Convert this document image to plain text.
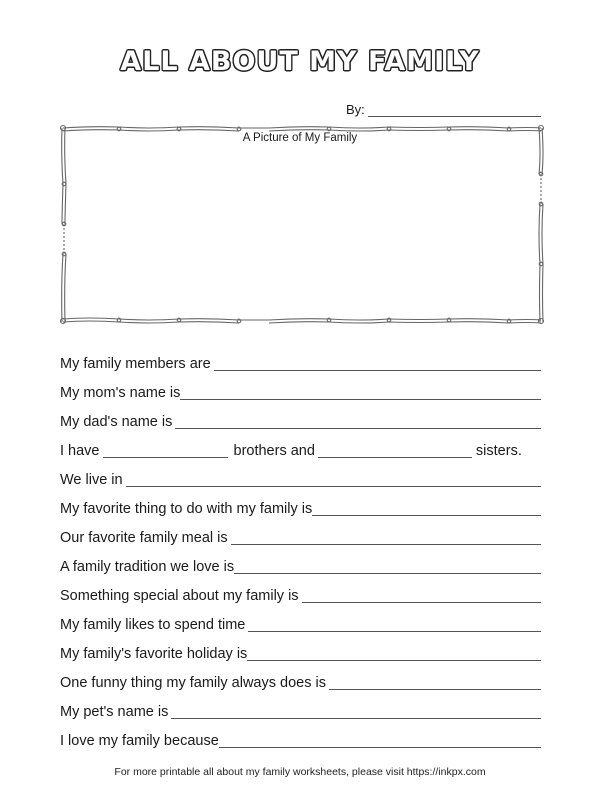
ALL ABOUT MY FAMILY
By:
A Picture of My Family
My family members are
My mom's name is
My dad's name is
I have	brothers and	sisters.
We live in
My favorite thing to do with my family is
Our favorite family meal is
A family tradition we love is
Something special about my family is
My family likes to spend time
My family's favorite holiday is
One funny thing my family always does is
My pet's name is
I love my family because
For more printable all about my family worksheets, please visit https://inkpx.com
